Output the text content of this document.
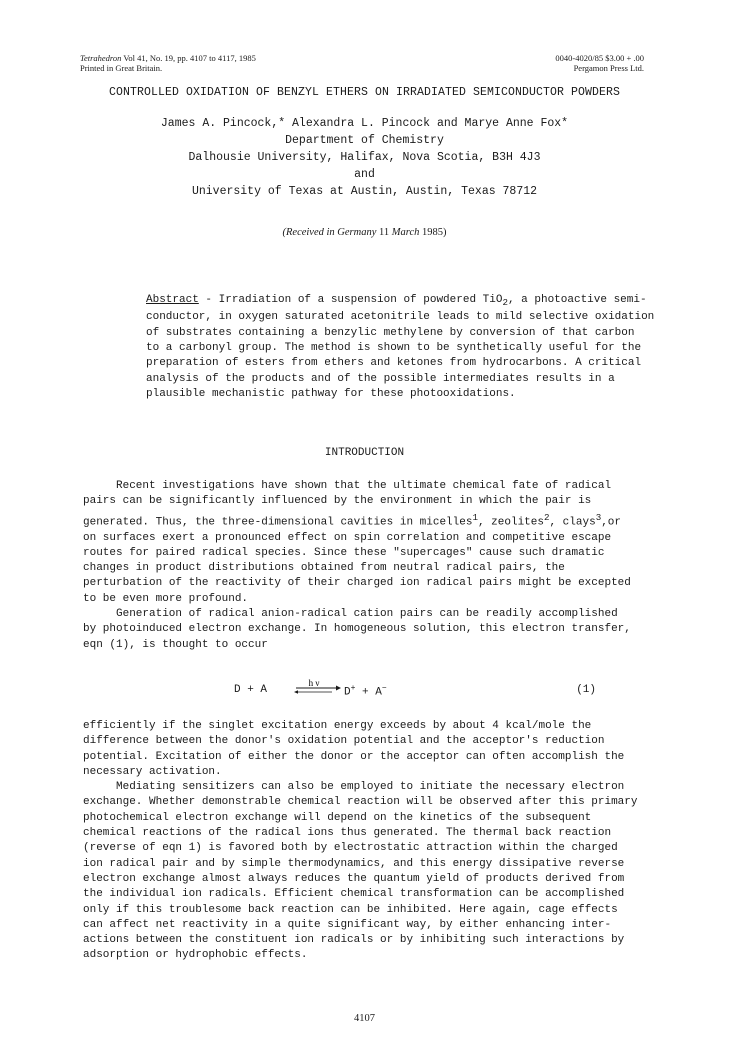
Tetrahedron Vol 41, No. 19, pp. 4107 to 4117, 1985
Printed in Great Britain.
0040-4020/85 $3.00 + .00
Pergamon Press Ltd.
CONTROLLED OXIDATION OF BENZYL ETHERS ON IRRADIATED SEMICONDUCTOR POWDERS
James A. Pincock,* Alexandra L. Pincock and Marye Anne Fox*
Department of Chemistry
Dalhousie University, Halifax, Nova Scotia, B3H 4J3
and
University of Texas at Austin, Austin, Texas 78712
(Received in Germany 11 March 1985)
Abstract - Irradiation of a suspension of powdered TiO$_2$, a photoactive semi-
conductor, in oxygen saturated acetonitrile leads to mild selective oxidation
of substrates containing a benzylic methylene by conversion of that carbon
to a carbonyl group. The method is shown to be synthetically useful for the
preparation of esters from ethers and ketones from hydrocarbons. A critical
analysis of the products and of the possible intermediates results in a
plausible mechanistic pathway for these photooxidations.
INTRODUCTION
Recent investigations have shown that the ultimate chemical fate of radical
pairs can be significantly influenced by the environment in which the pair is
generated. Thus, the three-dimensional cavities in micelles$^1$, zeolites$^2$, clays$^3$,or
on surfaces exert a pronounced effect on spin correlation and competitive escape
routes for paired radical species. Since these "supercages" cause such dramatic
changes in product distributions obtained from neutral radical pairs, the
perturbation of the reactivity of their charged ion radical pairs might be excepted
to be even more profound.
Generation of radical anion-radical cation pairs can be readily accomplished
by photoinduced electron exchange. In homogeneous solution, this electron transfer,
eqn (1), is thought to occur
D + A
h ν
D+ + A−	(1)
efficiently if the singlet excitation energy exceeds by about 4 kcal/mole the
difference between the donor's oxidation potential and the acceptor's reduction
potential. Excitation of either the donor or the acceptor can often accomplish the
necessary activation.
Mediating sensitizers can also be employed to initiate the necessary electron
exchange. Whether demonstrable chemical reaction will be observed after this primary
photochemical electron exchange will depend on the kinetics of the subsequent
chemical reactions of the radical ions thus generated. The thermal back reaction
(reverse of eqn 1) is favored both by electrostatic attraction within the charged
ion radical pair and by simple thermodynamics, and this energy dissipative reverse
electron exchange almost always reduces the quantum yield of products derived from
the individual ion radicals. Efficient chemical transformation can be accomplished
only if this troublesome back reaction can be inhibited. Here again, cage effects
can affect net reactivity in a quite significant way, by either enhancing inter-
actions between the constituent ion radicals or by inhibiting such interactions by
adsorption or hydrophobic effects.
4107
